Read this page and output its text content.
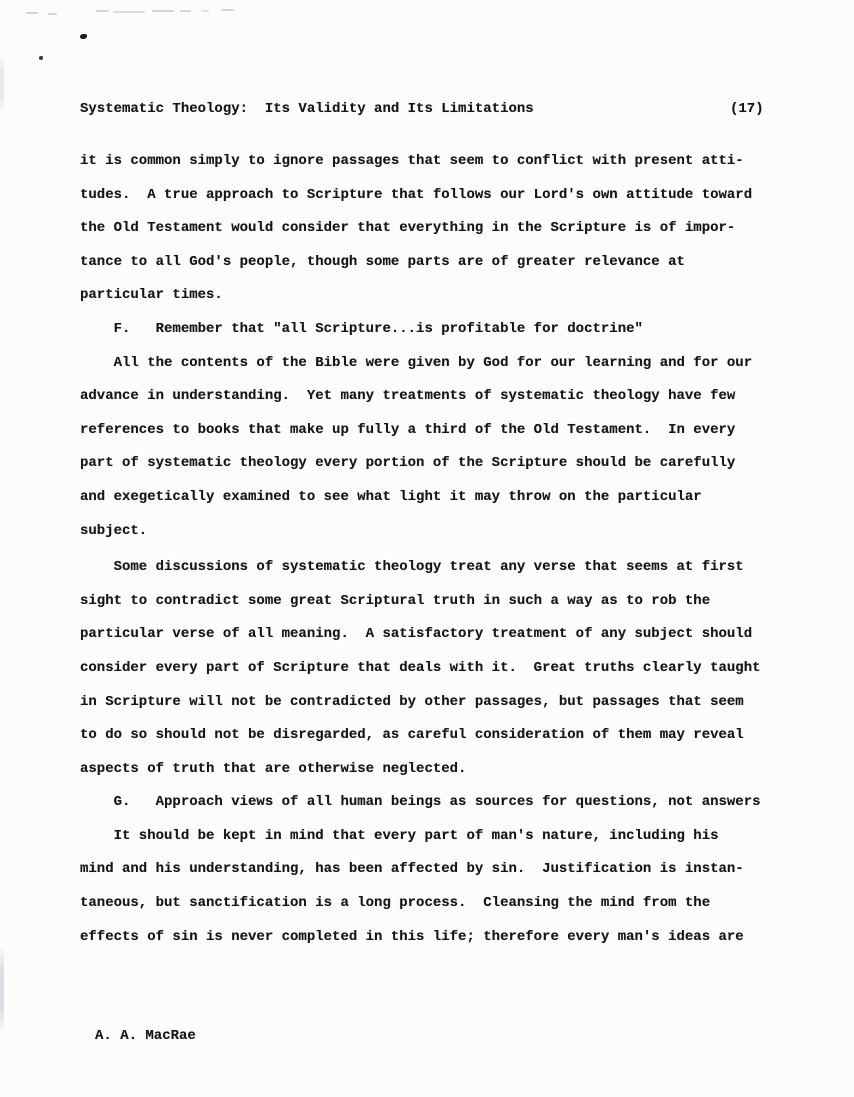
Systematic Theology:  Its Validity and Its Limitations

	(17)

it is common simply to ignore passages that seem to conflict with present atti-
tudes.  A true approach to Scripture that follows our Lord's own attitude toward
the Old Testament would consider that everything in the Scripture is of impor-
tance to all God's people, though some parts are of greater relevance at
particular times.
F.   Remember that "all Scripture...is profitable for doctrine"
All the contents of the Bible were given by God for our learning and for our
advance in understanding.  Yet many treatments of systematic theology have few
references to books that make up fully a third of the Old Testament.  In every
part of systematic theology every portion of the Scripture should be carefully
and exegetically examined to see what light it may throw on the particular
subject.
Some discussions of systematic theology treat any verse that seems at first
sight to contradict some great Scriptural truth in such a way as to rob the
particular verse of all meaning.  A satisfactory treatment of any subject should
consider every part of Scripture that deals with it.  Great truths clearly taught
in Scripture will not be contradicted by other passages, but passages that seem
to do so should not be disregarded, as careful consideration of them may reveal
aspects of truth that are otherwise neglected.
G.   Approach views of all human beings as sources for questions, not answers
It should be kept in mind that every part of man's nature, including his
mind and his understanding, has been affected by sin.  Justification is instan-
taneous, but sanctification is a long process.  Cleansing the mind from the
effects of sin is never completed in this life; therefore every man's ideas are
A. A. MacRae
